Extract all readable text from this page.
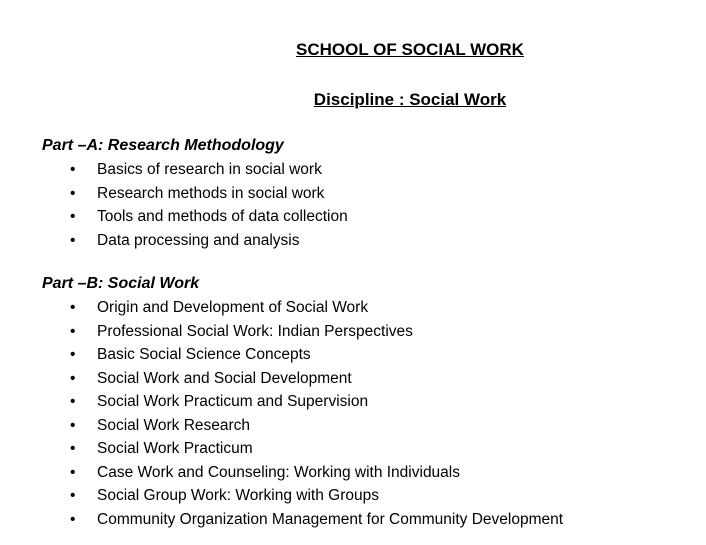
SCHOOL OF SOCIAL WORK
Discipline : Social Work
Part –A: Research Methodology
• Basics of research in social work
• Research methods in social work
• Tools and methods of data collection
• Data processing and analysis
Part –B: Social Work
• Origin and Development of Social Work
• Professional Social Work: Indian Perspectives
• Basic Social Science Concepts
• Social Work and Social Development
• Social Work Practicum and Supervision
• Social Work Research
• Social Work Practicum
• Case Work and Counseling: Working with Individuals
• Social Group Work: Working with Groups
• Community Organization Management for Community Development
